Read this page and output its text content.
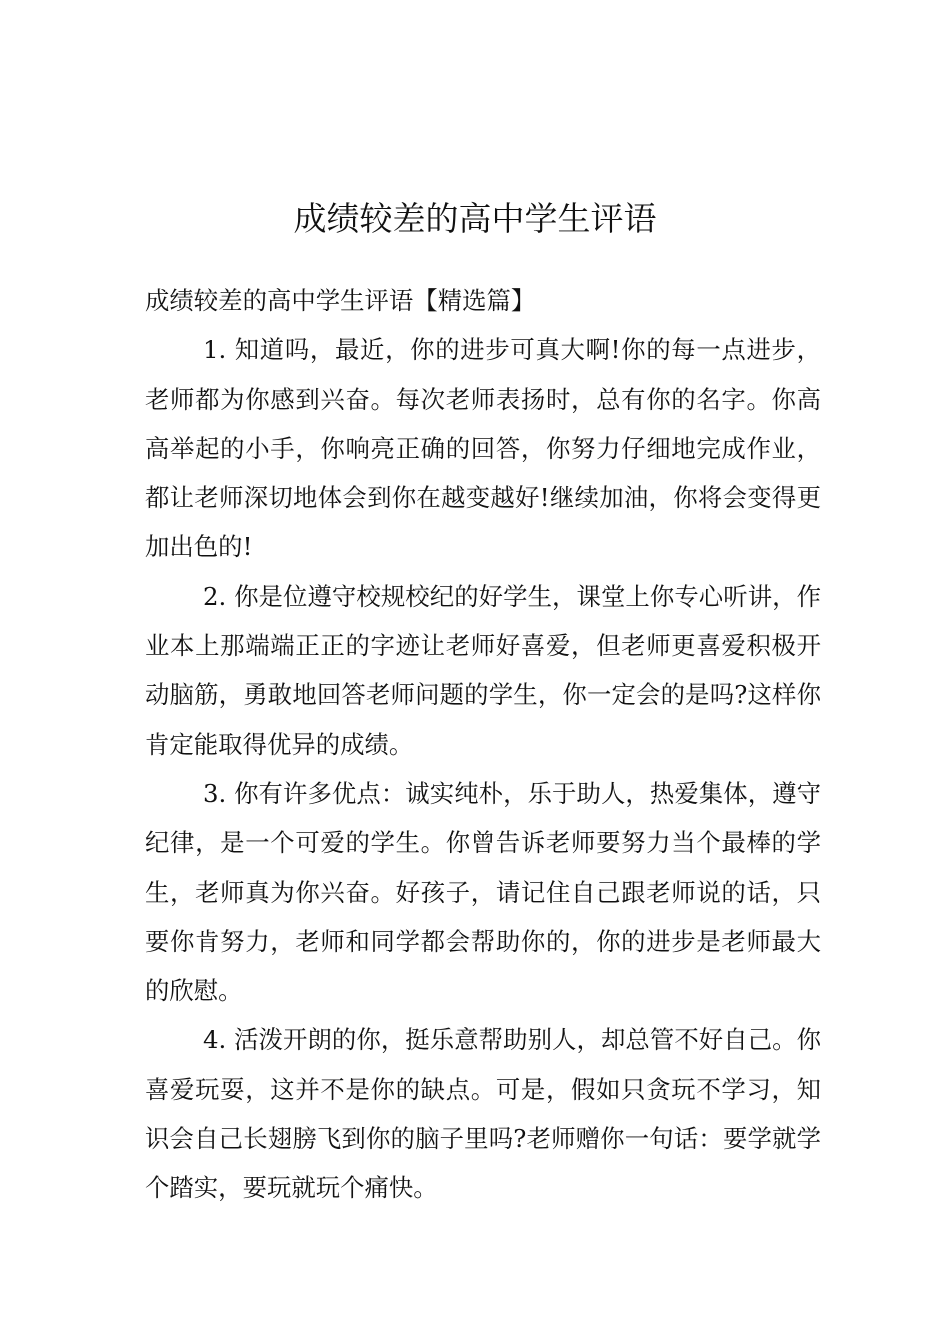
成绩较差的高中学生评语

成绩较差的高中学生评语【精选篇】

1. 知道吗，最近，你的进步可真大啊!你的每一点进步，老师都为你感到兴奋。每次老师表扬时，总有你的名字。你高高举起的小手，你响亮正确的回答，你努力仔细地完成作业，都让老师深切地体会到你在越变越好!继续加油，你将会变得更加出色的!

2. 你是位遵守校规校纪的好学生，课堂上你专心听讲，作业本上那端端正正的字迹让老师好喜爱，但老师更喜爱积极开动脑筋，勇敢地回答老师问题的学生，你一定会的是吗?这样你肯定能取得优异的成绩。

3. 你有许多优点：诚实纯朴，乐于助人，热爱集体，遵守纪律，是一个可爱的学生。你曾告诉老师要努力当个最棒的学生，老师真为你兴奋。好孩子，请记住自己跟老师说的话，只要你肯努力，老师和同学都会帮助你的，你的进步是老师最大的欣慰。

4. 活泼开朗的你，挺乐意帮助别人，却总管不好自己。你喜爱玩耍，这并不是你的缺点。可是，假如只贪玩不学习，知识会自己长翅膀飞到你的脑子里吗?老师赠你一句话：要学就学个踏实，要玩就玩个痛快。
